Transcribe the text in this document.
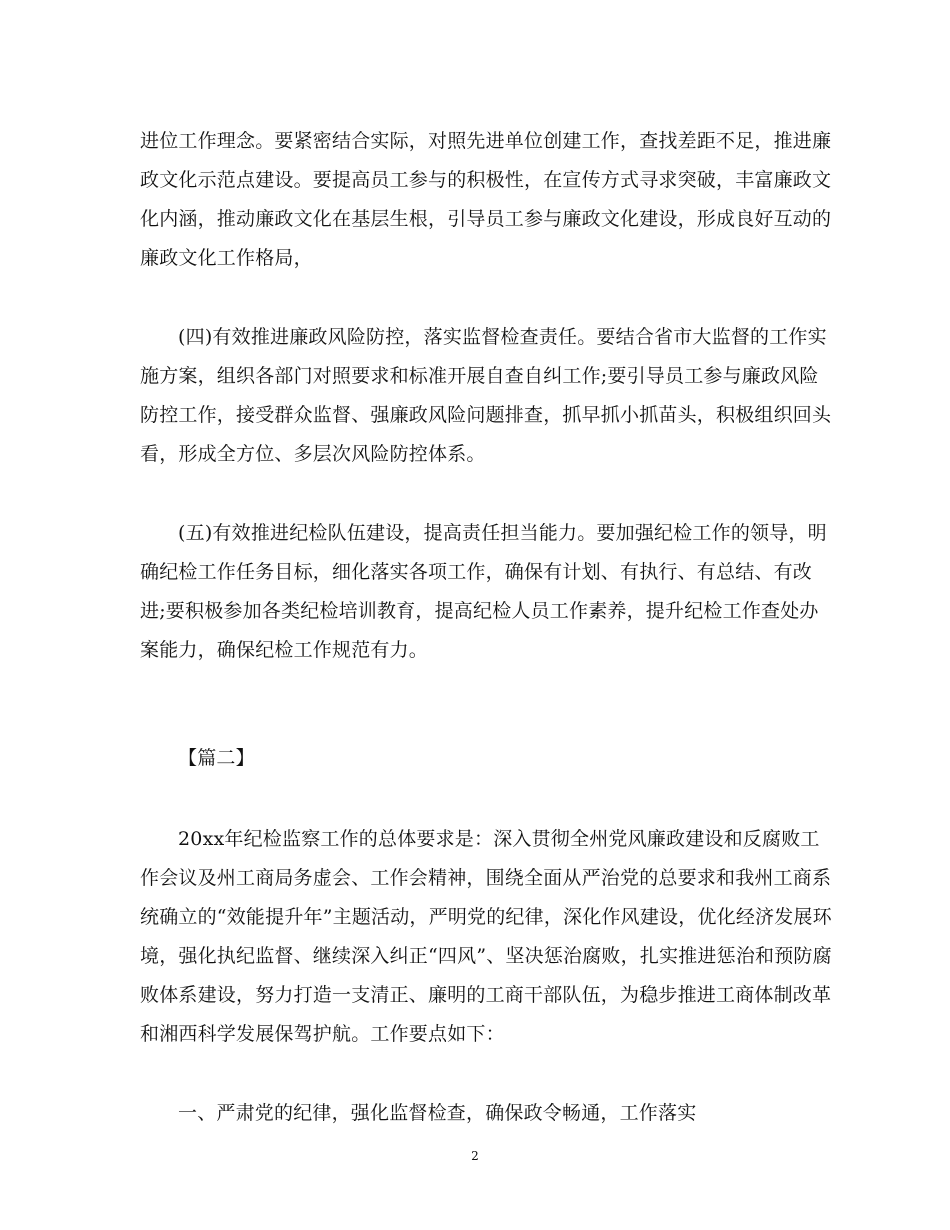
进位工作理念。要紧密结合实际，对照先进单位创建工作，查找差距不足，推进廉
政文化示范点建设。要提高员工参与的积极性，在宣传方式寻求突破，丰富廉政文
化内涵，推动廉政文化在基层生根，引导员工参与廉政文化建设，形成良好互动的
廉政文化工作格局，
(四)有效推进廉政风险防控，落实监督检查责任。要结合省市大监督的工作实
施方案，组织各部门对照要求和标准开展自查自纠工作;要引导员工参与廉政风险
防控工作，接受群众监督、强廉政风险问题排查，抓早抓小抓苗头，积极组织回头
看，形成全方位、多层次风险防控体系。
(五)有效推进纪检队伍建设，提高责任担当能力。要加强纪检工作的领导，明
确纪检工作任务目标，细化落实各项工作，确保有计划、有执行、有总结、有改
进;要积极参加各类纪检培训教育，提高纪检人员工作素养，提升纪检工作查处办
案能力，确保纪检工作规范有力。
【篇二】
20xx年纪检监察工作的总体要求是：深入贯彻全州党风廉政建设和反腐败工
作会议及州工商局务虚会、工作会精神，围绕全面从严治党的总要求和我州工商系
统确立的“效能提升年”主题活动，严明党的纪律，深化作风建设，优化经济发展环
境，强化执纪监督、继续深入纠正“四风”、坚决惩治腐败，扎实推进惩治和预防腐
败体系建设，努力打造一支清正、廉明的工商干部队伍，为稳步推进工商体制改革
和湘西科学发展保驾护航。工作要点如下：
一、严肃党的纪律，强化监督检查，确保政令畅通，工作落实
2
